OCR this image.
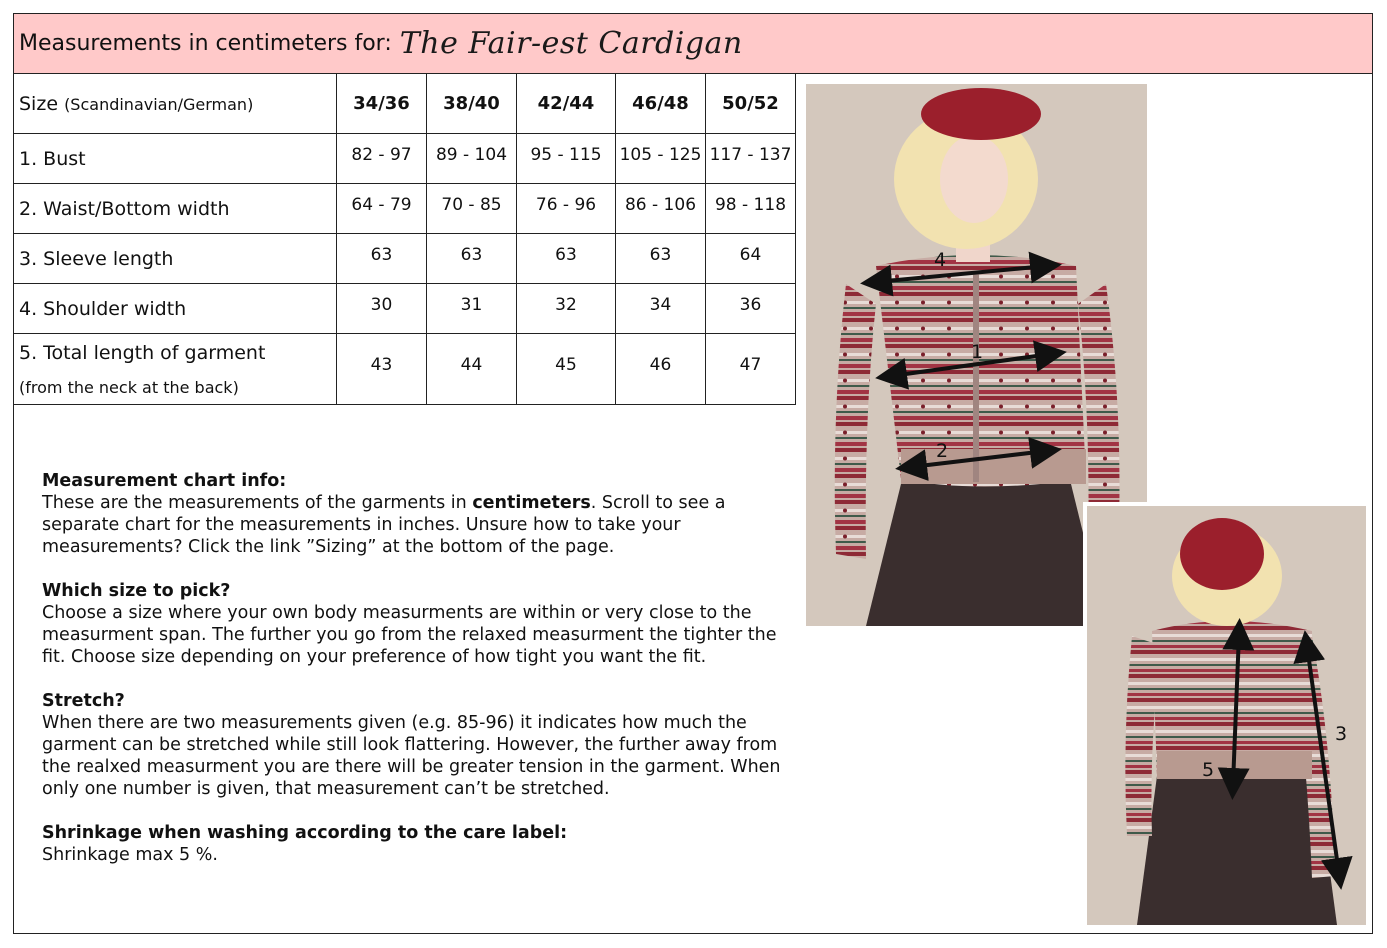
Measurements in centimeters for: The Fair-est Cardigan
Size (Scandinavian/German)	34/36	38/40	42/44	46/48	50/52
1. Bust	82 - 97	89 - 104	95 - 115	105 - 125	117 - 137
2. Waist/Bottom width	64 - 79	70 - 85	76 - 96	86 - 106	98 - 118
3. Sleeve length	63	63	63	63	64
4. Shoulder width	30	31	32	34	36
5. Total length of garment
(from the neck at the back)	43	44	45	46	47

Measurement chart info:
These are the measurements of the garments in centimeters. Scroll to see a separate chart for the measurements in inches. Unsure how to take your measurements? Click the link ”Sizing” at the bottom of the page.

Which size to pick?
Choose a size where your own body measurments are within or very close to the measurment span. The further you go from the relaxed measurment the tighter the fit. Choose size depending on your preference of how tight you want the fit.

Stretch?
When there are two measurements given (e.g. 85-96) it indicates how much the garment can be stretched while still look flattering. However, the further away from the realxed measurment you are there will be greater tension in the garment. When only one number is given, that measurement can’t be stretched.

Shrinkage when washing according to the care label:
Shrinkage max 5 %.

4
1
2
5
3
